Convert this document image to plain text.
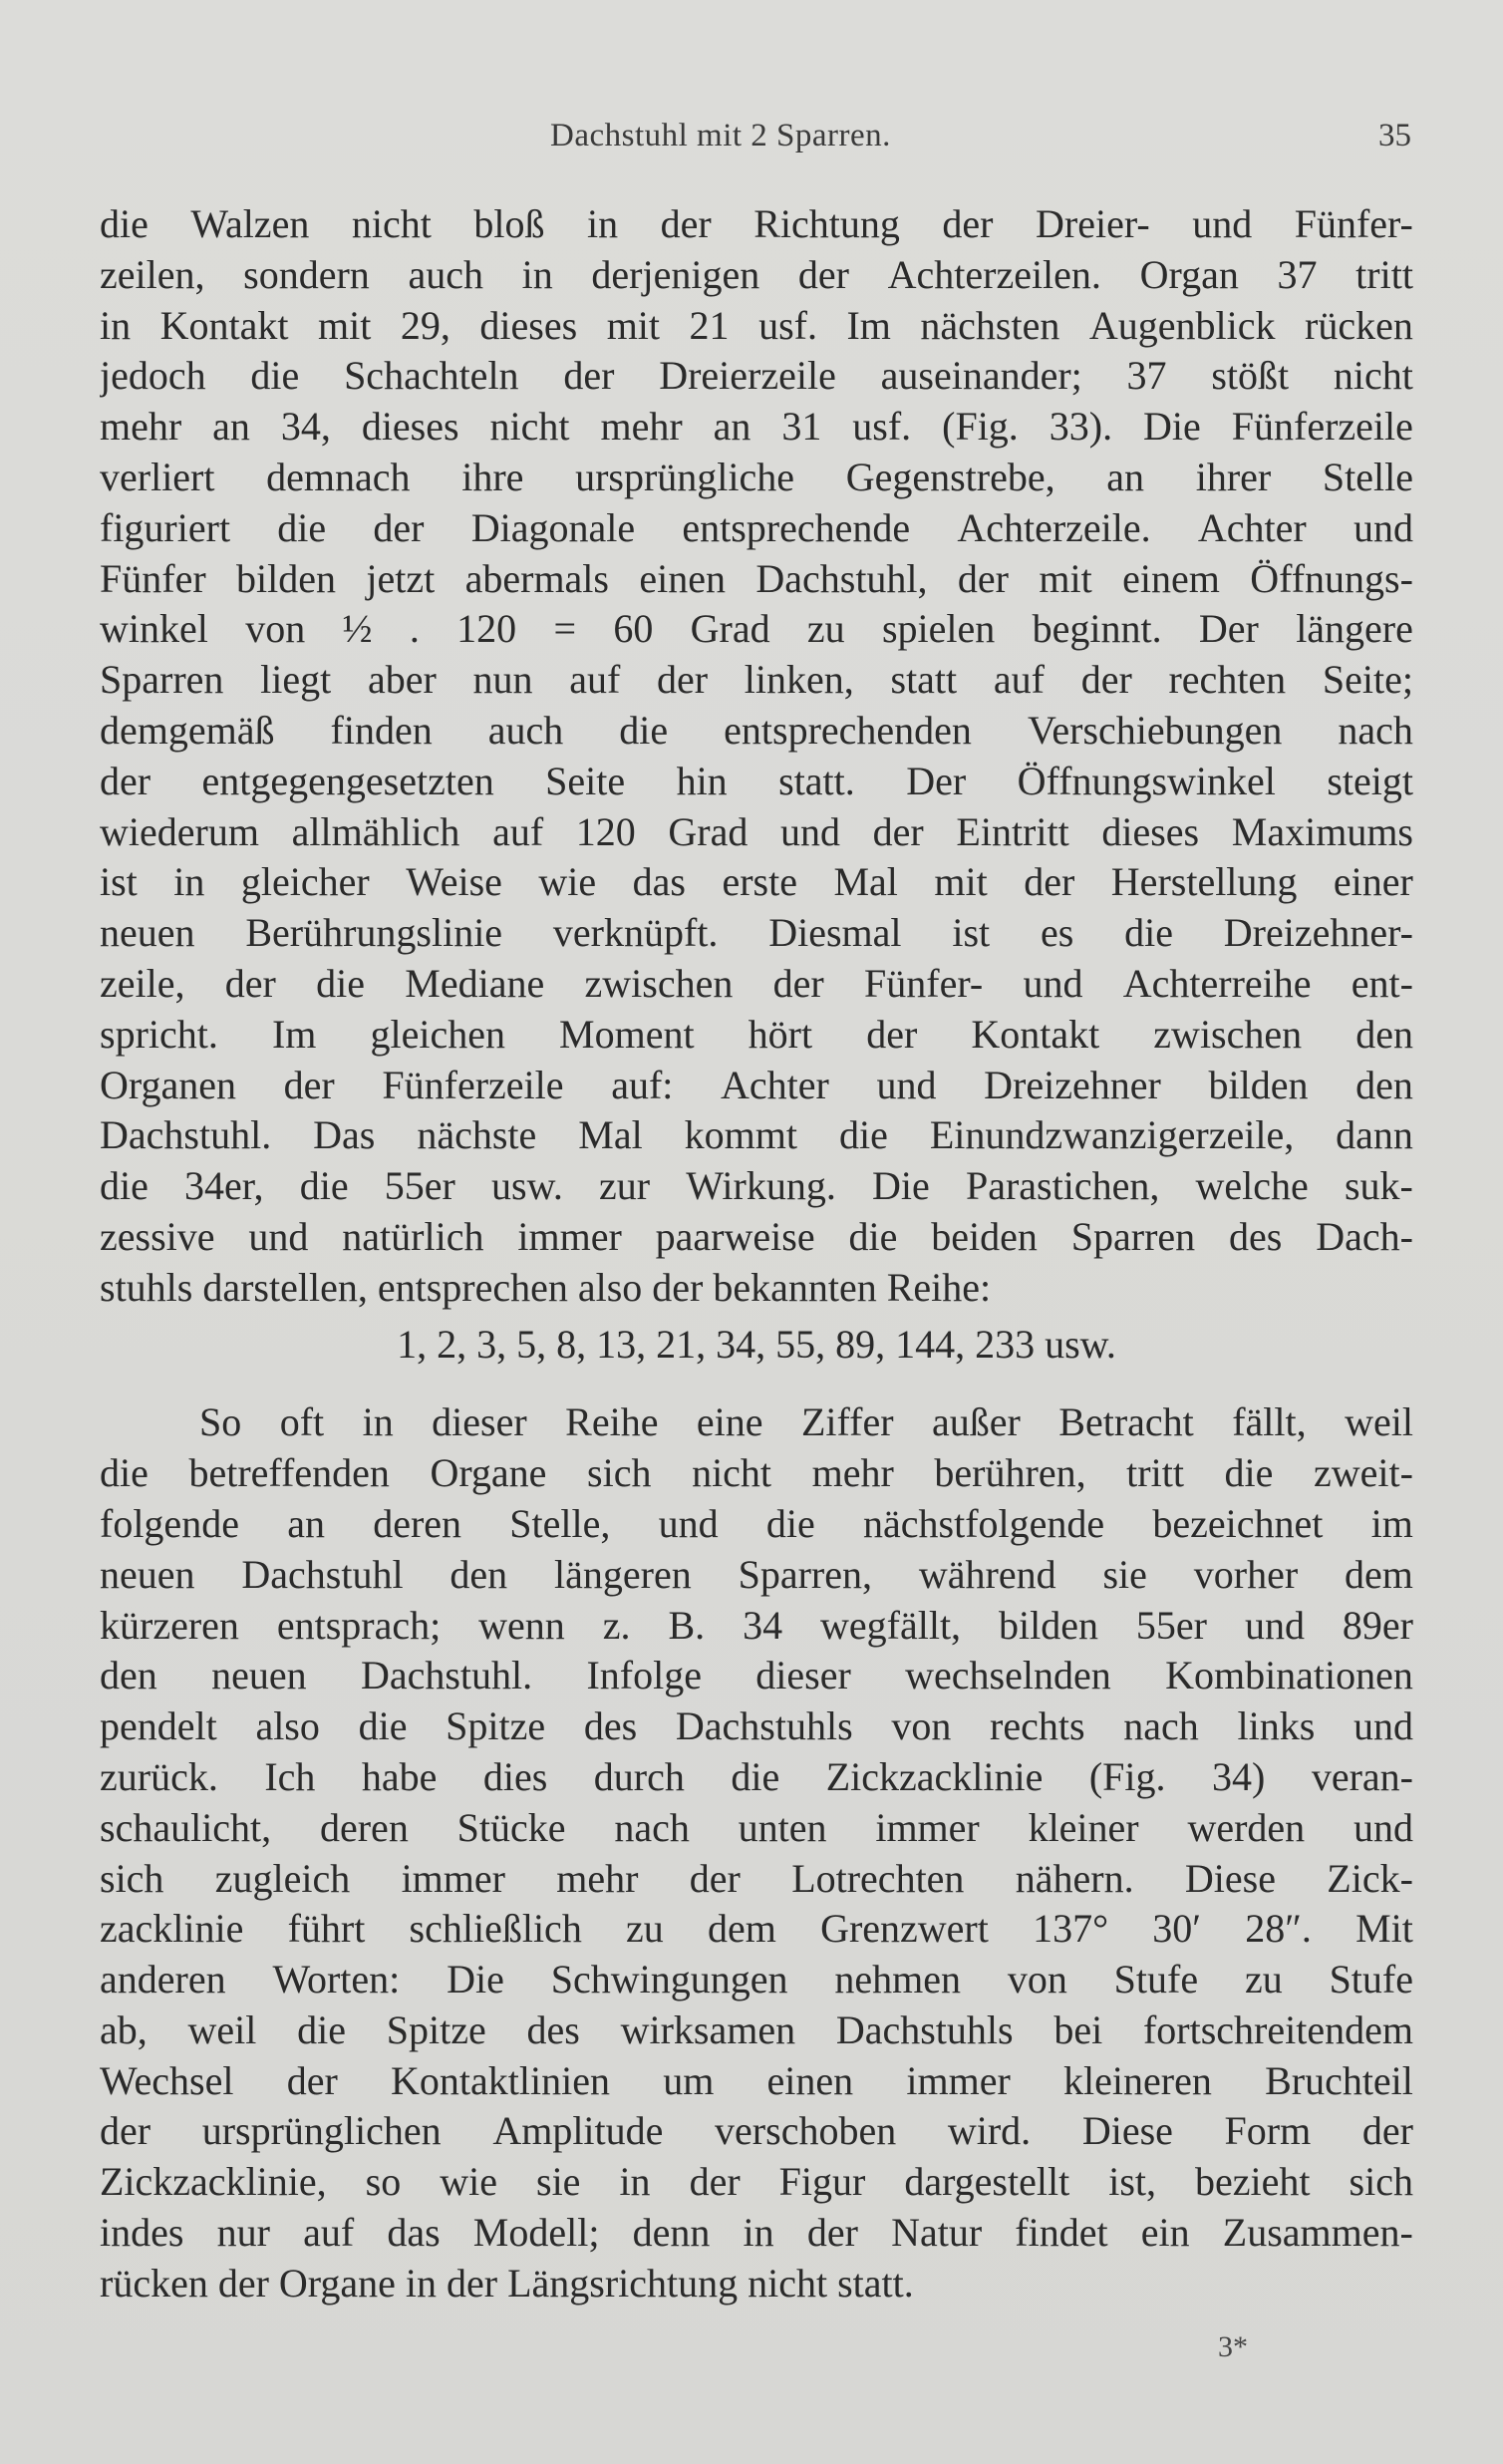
Dachstuhl mit 2 Sparren.	35
die Walzen nicht bloß in der Richtung der Dreier- und Fünfer-
zeilen, sondern auch in derjenigen der Achterzeilen. Organ 37 tritt
in Kontakt mit 29, dieses mit 21 usf. Im nächsten Augenblick rücken
jedoch die Schachteln der Dreierzeile auseinander; 37 stößt nicht
mehr an 34, dieses nicht mehr an 31 usf. (Fig. 33). Die Fünferzeile
verliert demnach ihre ursprüngliche Gegenstrebe, an ihrer Stelle
figuriert die der Diagonale entsprechende Achterzeile. Achter und
Fünfer bilden jetzt abermals einen Dachstuhl, der mit einem Öffnungs-
winkel von ½ . 120 = 60 Grad zu spielen beginnt. Der längere
Sparren liegt aber nun auf der linken, statt auf der rechten Seite;
demgemäß finden auch die entsprechenden Verschiebungen nach
der entgegengesetzten Seite hin statt. Der Öffnungswinkel steigt
wiederum allmählich auf 120 Grad und der Eintritt dieses Maximums
ist in gleicher Weise wie das erste Mal mit der Herstellung einer
neuen Berührungslinie verknüpft. Diesmal ist es die Dreizehner-
zeile, der die Mediane zwischen der Fünfer- und Achterreihe ent-
spricht. Im gleichen Moment hört der Kontakt zwischen den
Organen der Fünferzeile auf: Achter und Dreizehner bilden den
Dachstuhl. Das nächste Mal kommt die Einundzwanzigerzeile, dann
die 34er, die 55er usw. zur Wirkung. Die Parastichen, welche suk-
zessive und natürlich immer paarweise die beiden Sparren des Dach-
stuhls darstellen, entsprechen also der bekannten Reihe:
1, 2, 3, 5, 8, 13, 21, 34, 55, 89, 144, 233 usw.
So oft in dieser Reihe eine Ziffer außer Betracht fällt, weil
die betreffenden Organe sich nicht mehr berühren, tritt die zweit-
folgende an deren Stelle, und die nächstfolgende bezeichnet im
neuen Dachstuhl den längeren Sparren, während sie vorher dem
kürzeren entsprach; wenn z. B. 34 wegfällt, bilden 55er und 89er
den neuen Dachstuhl. Infolge dieser wechselnden Kombinationen
pendelt also die Spitze des Dachstuhls von rechts nach links und
zurück. Ich habe dies durch die Zickzacklinie (Fig. 34) veran-
schaulicht, deren Stücke nach unten immer kleiner werden und
sich zugleich immer mehr der Lotrechten nähern. Diese Zick-
zacklinie führt schließlich zu dem Grenzwert 137° 30′ 28″. Mit
anderen Worten: Die Schwingungen nehmen von Stufe zu Stufe
ab, weil die Spitze des wirksamen Dachstuhls bei fortschreitendem
Wechsel der Kontaktlinien um einen immer kleineren Bruchteil
der ursprünglichen Amplitude verschoben wird. Diese Form der
Zickzacklinie, so wie sie in der Figur dargestellt ist, bezieht sich
indes nur auf das Modell; denn in der Natur findet ein Zusammen-
rücken der Organe in der Längsrichtung nicht statt.
3*
